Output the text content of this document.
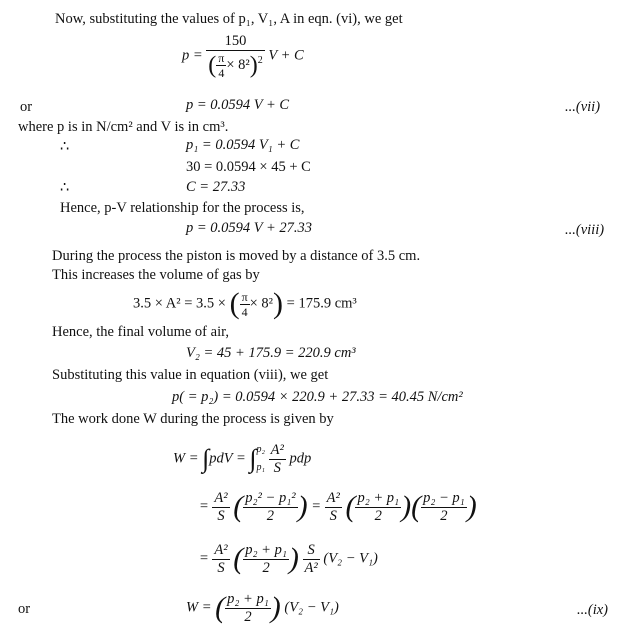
Now, substituting the values of p₁, V₁, A in eqn. (vi), we get
$p = \frac{150}{( \frac{\pi}{4} \times 8^2)^2}$ V + C
or	p = 0.0594 V + C	...(vii)
where p is in N/cm² and V is in cm³.
∴	p₁ = 0.0594 V₁ + C
30 = 0.0594 × 45 + C
∴	C = 27.33
Hence, p-V relationship for the process is,
p = 0.0594 V + 27.33	...(viii)
During the process the piston is moved by a distance of 3.5 cm.
This increases the volume of gas by
3.5 × A² = 3.5 × ( $\frac{\pi}{4} \times 8^2) = 175.9$ cm³
Hence, the final volume of air,
V₂ = 45 + 175.9 = 220.9 cm³
Substituting this value in equation (viii), we get
p( = p₂) = 0.0594 × 220.9 + 27.33 = 40.45 N/cm²
The work done W during the process is given by
W = ∫pdV = ∫ p₂
p₁
$\frac{\text{A²}}{S}$ pdp
= $\frac{\text{A²}}{S}$ ( $\frac{\text{p₂² − p₁²}}{2}$ ) = $\frac{\text{A²}}{S}$ ( $\frac{\text{p₂ + p₁}}{2}$ )( $\frac{\text{p₂ − p₁}}{2}$ )
= $\frac{\text{A²}}{S}$ ( $\frac{\text{p₂ + p₁}}{2}$ ) $\frac{S}{\text{A²}} (V_2 - V_1)$
or	W = ( $\frac{\text{p₂ + p₁}}{2}$ ) (V₂ − V₁)	...(ix)
